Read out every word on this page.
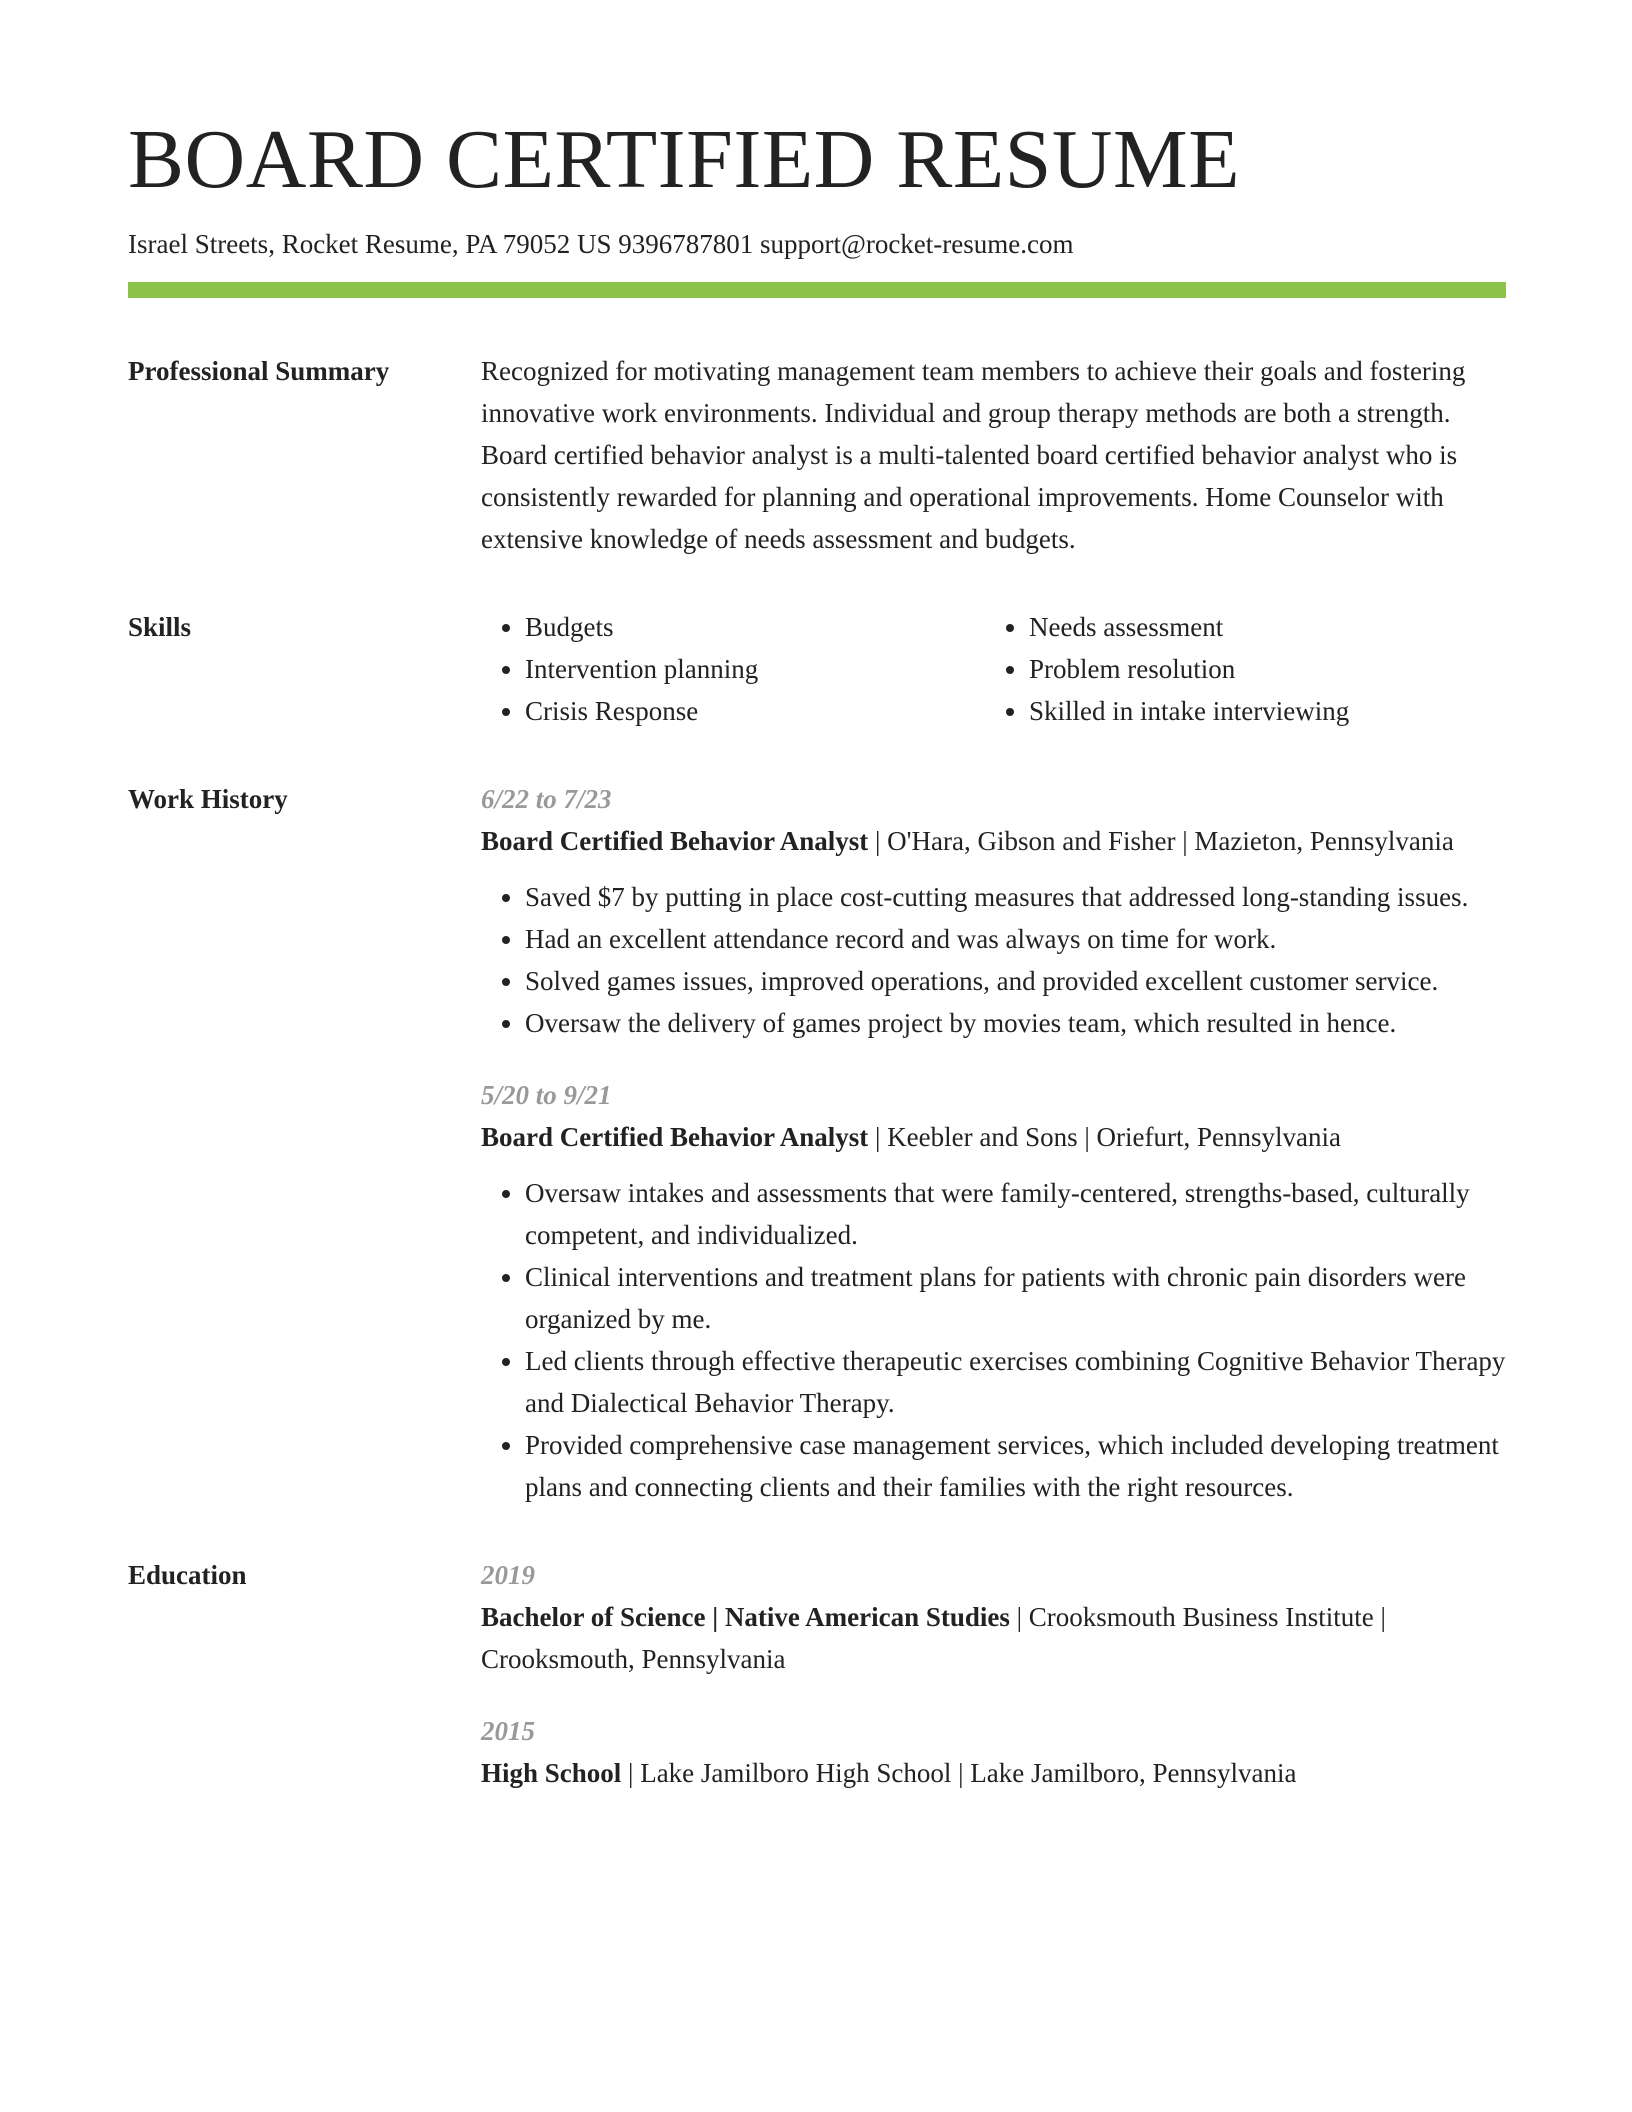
BOARD CERTIFIED RESUME
Israel Streets, Rocket Resume, PA 79052 US 9396787801 support@rocket-resume.com
Professional Summary	Recognized for motivating management team members to achieve their goals and fostering innovative work environments. Individual and group therapy methods are both a strength. Board certified behavior analyst is a multi-talented board certified behavior analyst who is consistently rewarded for planning and operational improvements. Home Counselor with extensive knowledge of needs assessment and budgets.

Skills
•	Budgets
• Intervention planning
• Crisis Response
• Needs assessment
• Problem resolution
• Skilled in intake interviewing
Work History	6/22 to 7/23
Board Certified Behavior Analyst | O'Hara, Gibson and Fisher | Mazieton, Pennsylvania
• Saved $7 by putting in place cost-cutting measures that addressed long-standing issues.
• Had an excellent attendance record and was always on time for work.
• Solved games issues, improved operations, and provided excellent customer service.
• Oversaw the delivery of games project by movies team, which resulted in hence.
5/20 to 9/21
Board Certified Behavior Analyst | Keebler and Sons | Oriefurt, Pennsylvania
• Oversaw intakes and assessments that were family-centered, strengths-based, culturally competent, and individualized.
• Clinical interventions and treatment plans for patients with chronic pain disorders were organized by me.
• Led clients through effective therapeutic exercises combining Cognitive Behavior Therapy and Dialectical Behavior Therapy.
• Provided comprehensive case management services, which included developing treatment plans and connecting clients and their families with the right resources.
Education	2019
Bachelor of Science | Native American Studies | Crooksmouth Business Institute | Crooksmouth, Pennsylvania
2015
High School | Lake Jamilboro High School | Lake Jamilboro, Pennsylvania
